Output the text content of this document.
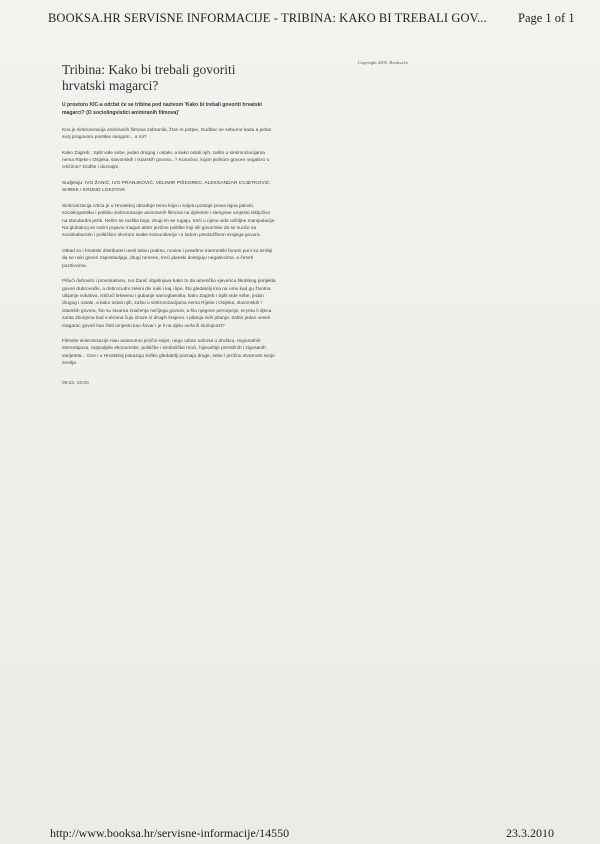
BOOKSA.HR SERVISNE INFORMACIJE - TRIBINA: KAKO BI TREBALI GOV... Page 1 of 1
Copyright 2005, Booksa.hr
Tribina: Kako bi trebali govoriti hrvatski magarci?

U prostoru KIC-a održat će se tribina pod nazivom 'Kako bi trebali govoriti hrvatski magarci? (O sociolingvistici animiranih filmova)'

Kna je sinkronizacija animiranih filmova zabranila, žran in potpie, Gudbec se seburne kada a jedan svoj progovoru postikie sangom... a mi?

Kako Zagreb : Split vide sebe, jedan drugog i ostale, a kako ostali njih, zašto u sinkronizacijama nema Rijeke i Osijeka, slavonskih i istarskih govora...? Konačno, kojim jezikom govore negativci u crtićima? Dođite i doznajte.

Sudjeluju: IVO ŽANIĆ, IVO PRANJKOVIĆ, VELIMIR PIŠKOREC, ALEKSANDAR CVJETKOVIĆ, SHREK I KRUNO LOKOTAR

Sinkronizacija crtića je u Hrvatskoj obrađuje temu koja u svijetu postaje prava tajna jakosti, sociolingvistiku i politiku sinkronizacije animiranih filmova na djelelete i slengove umjesto isključivo na standardni jezik. Nešto se razlika boja, drugi im se rugaju, treći u njima vide ozbiljne manipulacije. Na globalnoj se razini pojavio magan akter jezične politike koji sili govornike da se suoče sa sociokulturnim i političkim okvirom svake komunikacije i s ludom predodžbom svojega govora.

Otkad su i hrvatski distributeri uveli takvu praksu, novine i posebno internetski forumi puni su tvrdnji da se neki govori zapostavljaju, drugi rumene, treći planski dostojuju negativcima, a četvrti pozitivcima.

Pišući duhovito i provokativno, Ivo Žanić objašnjava kako to da američka vjeverica škotskog porijekla govori dubrovački, a dobroćudni zeleni div naki i kaj i lipe, što gledatelji ima na umu kad gu životna ubijanje vokativa, ističući leksemu i gubanje samoglasnika, kako Zagreb i Split vide sebe, jedan drugog i ostale, a kako ostali njih, zašto u sinkronizacijama nema Rijeke i Osijeka, slavonskih i istarskih govora, što su stvarna značenja nečijega govora, a što njegove percepcije, te jesu li djeca zanta zbunjena kad s ekrana čuju izraze iz drugih krajeva. I pitanja svih pitanja: Zašto jedan veseli magarac govori kao čisti umjesto kao šovar i je li na djelu uvrla ili slučajnost?

Filmske sinkronizacije nisu autonomni jezični svijet, nego odraz odnosa u društvu, regionalnih stereotipova, raspodjele ekonomske, političke i simboličke moći, hijerarhije prestižnih i zigosanih varijeteta... One i u Hrvatskoj pokazuju koliko gledatelji poznaju druge, sebe i jezičnu stvarnost svoje zemlje.

09.03. 16:00
http://www.booksa.hr/servisne-informacije/14550	23.3.2010
